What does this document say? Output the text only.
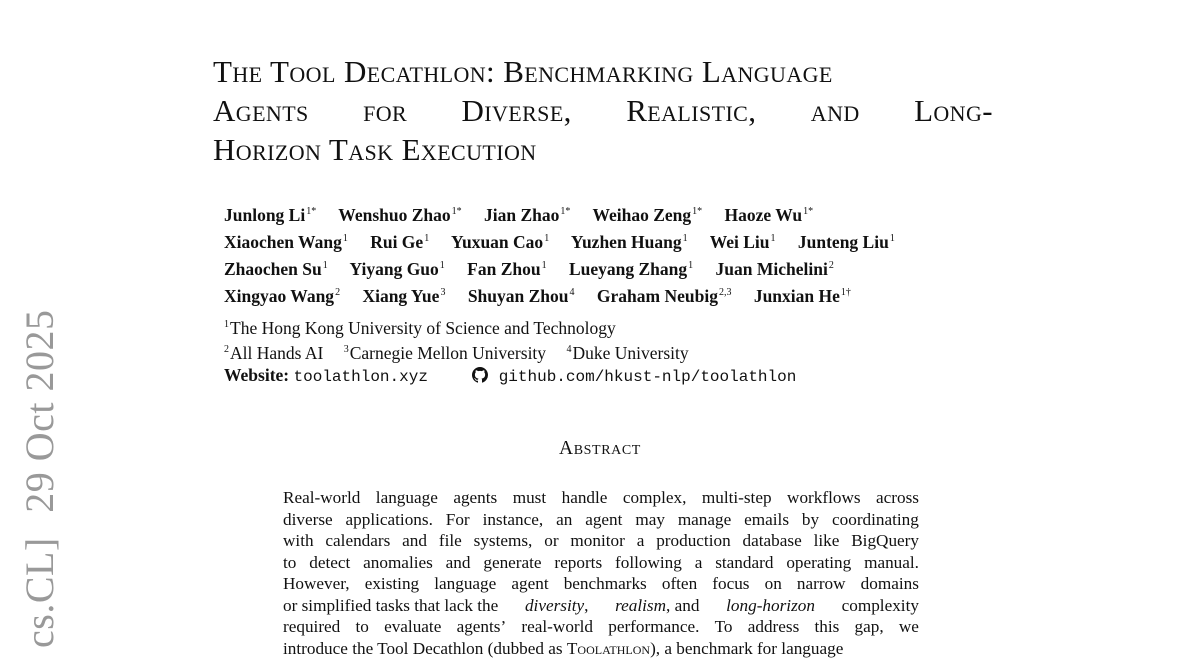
cs.CL] 29 Oct 2025
The Tool Decathlon: Benchmarking Language
Agents for Diverse, Realistic, and Long-
Horizon Task Execution
Junlong $Li^{1*}$ Wenshuo Zhao$^{1*}$ Jian Zhao$^{1*}$ Weihao Zeng$^{1*}$ Haoze $Wu^{1*}$
Xiaochen Wang$^1$ Rui Ge$^1$ Yuxuan Cao$^1$ Yuzhen Huang$^1$ Wei Liu$^1$ Junteng Liu$^1$
Zhaochen Su$^1$ Yiyang Guo$^1$ Fan Zhou$^1$ Lueyang Zhang$^1$ Juan Michelini$^2$
Xingyao Wang$^2$ Xiang Yue$^3$ Shuyan Zhou$^4$ Graham Neubig$^{2,3}$ Junxian $He^{1\dagger}$
$^1$The Hong Kong University of Science and Technology
$^2$All Hands AI $^3$Carnegie Mellon University $^4$Duke University
Website: toolathlon.xyz	github.com/hkust-nlp/toolathlon
Abstract
Real-world language agents must handle complex, multi-step workflows across
diverse applications. For instance, an agent may manage emails by coordinating
with calendars and file systems, or monitor a production database like BigQuery
to detect anomalies and generate reports following a standard operating manual.
However, existing language agent benchmarks often focus on narrow domains
or simplified tasks that lack the diversity, realism, and long-horizon complexity
required to evaluate agents’ real-world performance. To address this gap, we
introduce the Tool Decathlon (dubbed as Toolathlon), a benchmark for language
